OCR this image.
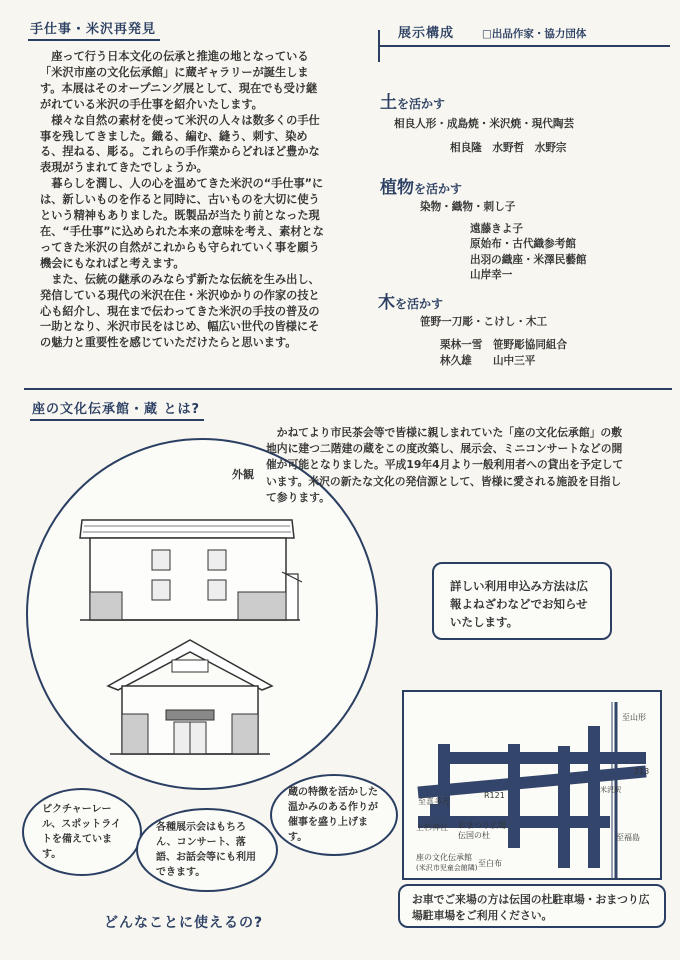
手仕事・米沢再発見

座って行う日本文化の伝承と推進の地となっている「米沢市座の文化伝承館」に蔵ギャラリーが誕生します。本展はそのオープニング展として、現在でも受け継がれている米沢の手仕事を紹介いたします。

様々な自然の素材を使って米沢の人々は数多くの手仕事を残してきました。織る、編む、縫う、刺す、染める、捏ねる、彫る。これらの手作業からどれほど豊かな表現がうまれてきたでしょうか。

暮らしを潤し、人の心を温めてきた米沢の“手仕事”には、新しいものを作ると同時に、古いものを大切に使うという精神もありました。既製品が当たり前となった現在、“手仕事”に込められた本来の意味を考え、素材となってきた米沢の自然がこれからも守られていく事を願う機会にもなればと考えます。

また、伝統の継承のみならず新たな伝統を生み出し、発信している現代の米沢在住・米沢ゆかりの作家の技と心も紹介し、現在まで伝わってきた米沢の手技の普及の一助となり、米沢市民をはじめ、幅広い世代の皆様にその魅力と重要性を感じていただけたらと思います。

展示構成	□出品作家・協力団体
土を活かす
相良人形・成島焼・米沢焼・現代陶芸
相良隆　水野哲　水野宗
植物を活かす
染物・織物・刺し子
遠藤きよ子
原始布・古代織参考館
出羽の織座・米澤民藝館
山岸幸一
木を活かす
笹野一刀彫・こけし・木工
栗林一雪　笹野彫協同組合
林久雄　　山中三平
座の文化伝承館・蔵 とは?
外観
かねてより市民茶会等で皆様に親しまれていた「座の文化伝承館」の敷地内に建つ二階建の蔵をこの度改築し、展示会、ミニコンサートなどの開催が可能となりました。平成19年4月より一般利用者への貸出を予定しています。米沢の新たな文化の発信源として、皆様に愛される施設を目指して参ります。
詳しい利用申込み方法は広報よねざわなどでお知らせいたします。
ピクチャーレール、スポットライトを備えています。
各種展示会はもちろん、コンサート、落語、お話会等にも利用できます。
蔵の特徴を活かした温かみのある作りが催事を盛り上げます。
どんなことに使えるの?
R121
上杉神社
伝国の杜
おまつり広場
至山形
213
米沢駅
至福島
至白布
至喜多方
座の文化伝承館
(米沢市児童会館隣)
お車でご来場の方は伝国の杜駐車場・おまつり広場駐車場をご利用ください。
